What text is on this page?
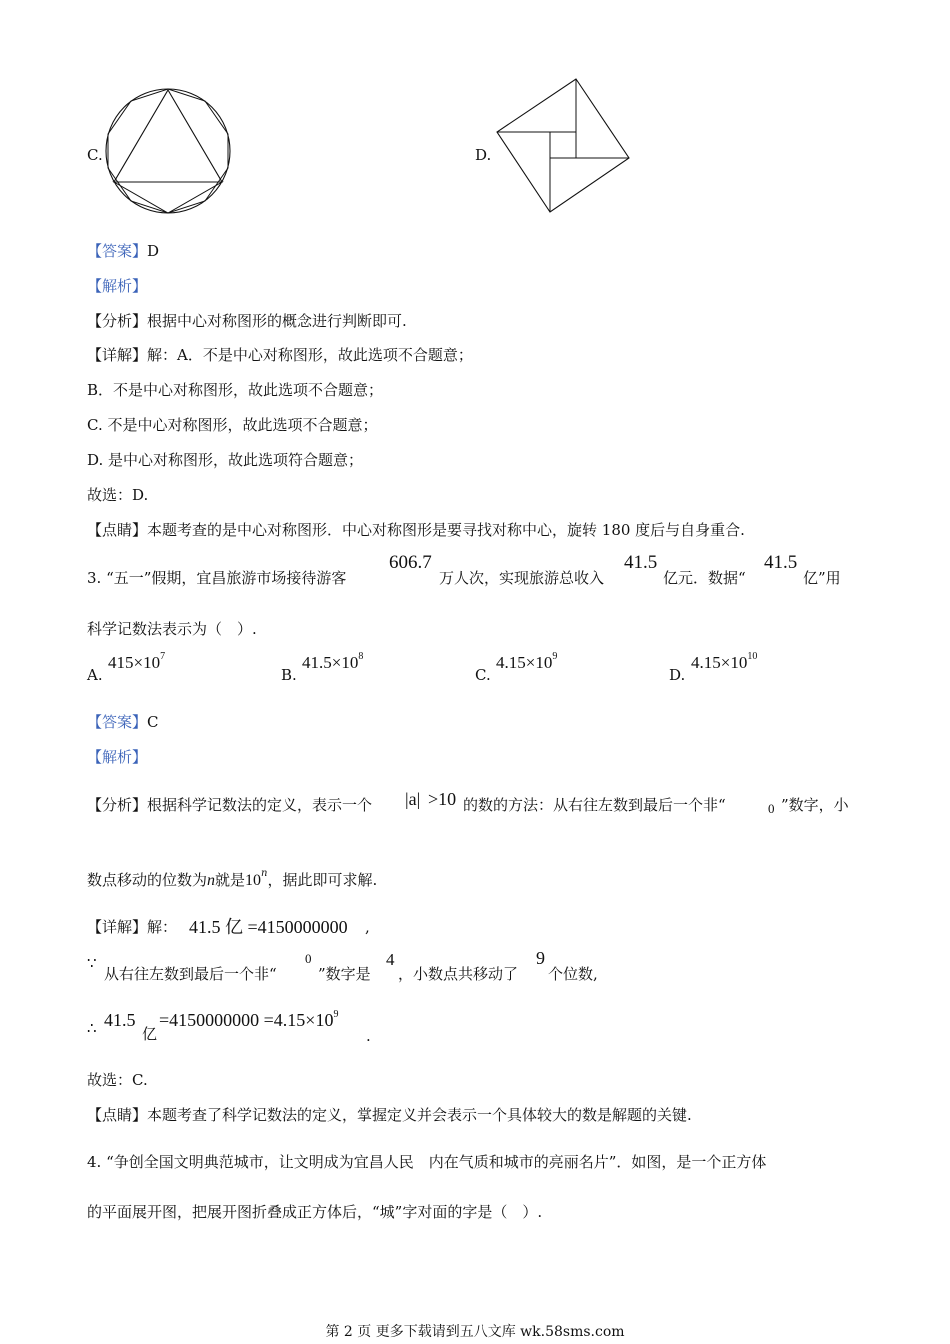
C.	D.
【答案】D
【解析】
【分析】根据中心对称图形的概念进行判断即可.
【详解】解：A．不是中心对称图形，故此选项不合题意；
B．不是中心对称图形，故此选项不合题意；
C. 不是中心对称图形，故此选项不合题意；
D. 是中心对称图形，故此选项符合题意；
故选：D.
【点睛】本题考查的是中心对称图形．中心对称图形是要寻找对称中心，旋转 180 度后与自身重合.
3. “五一”假期，宜昌旅游市场接待游客
606.7
万人次，实现旅游总收入
41.5
亿元．数据“
41.5
亿”用
科学记数法表示为（　）.
A.
$415\times 10^7$
B.
$41.5\times 10^8$
C.
$4.15\times 10^9$
D.
$4.15\times 10^{10}$
【答案】C
【解析】
【分析】根据科学记数法的定义，表示一个 |a| >10 的数的方法：从右往左数到最后一个非“	0 ”数字，小
数点移动的位数为n就是10$^n$，据此即可求解.
【详解】解： 41.5 亿 =4150000000 ,
∵
从右往左数到最后一个非“
0
”数字是
4
，小数点共移动了
9
个位数,
∴ 41.5
亿
$=4150000000 =4.15\times 10^9$
.
故选：C.
【点睛】本题考查了科学记数法的定义，掌握定义并会表示一个具体较大的数是解题的关键.
4. “争创全国文明典范城市，让文明成为宜昌人民　内在气质和城市的亮丽名片”．如图，是一个正方体
的平面展开图，把展开图折叠成正方体后，“城”字对面的字是（　）.
第 2 页 更多下载请到五八文库 wk.58sms.com
